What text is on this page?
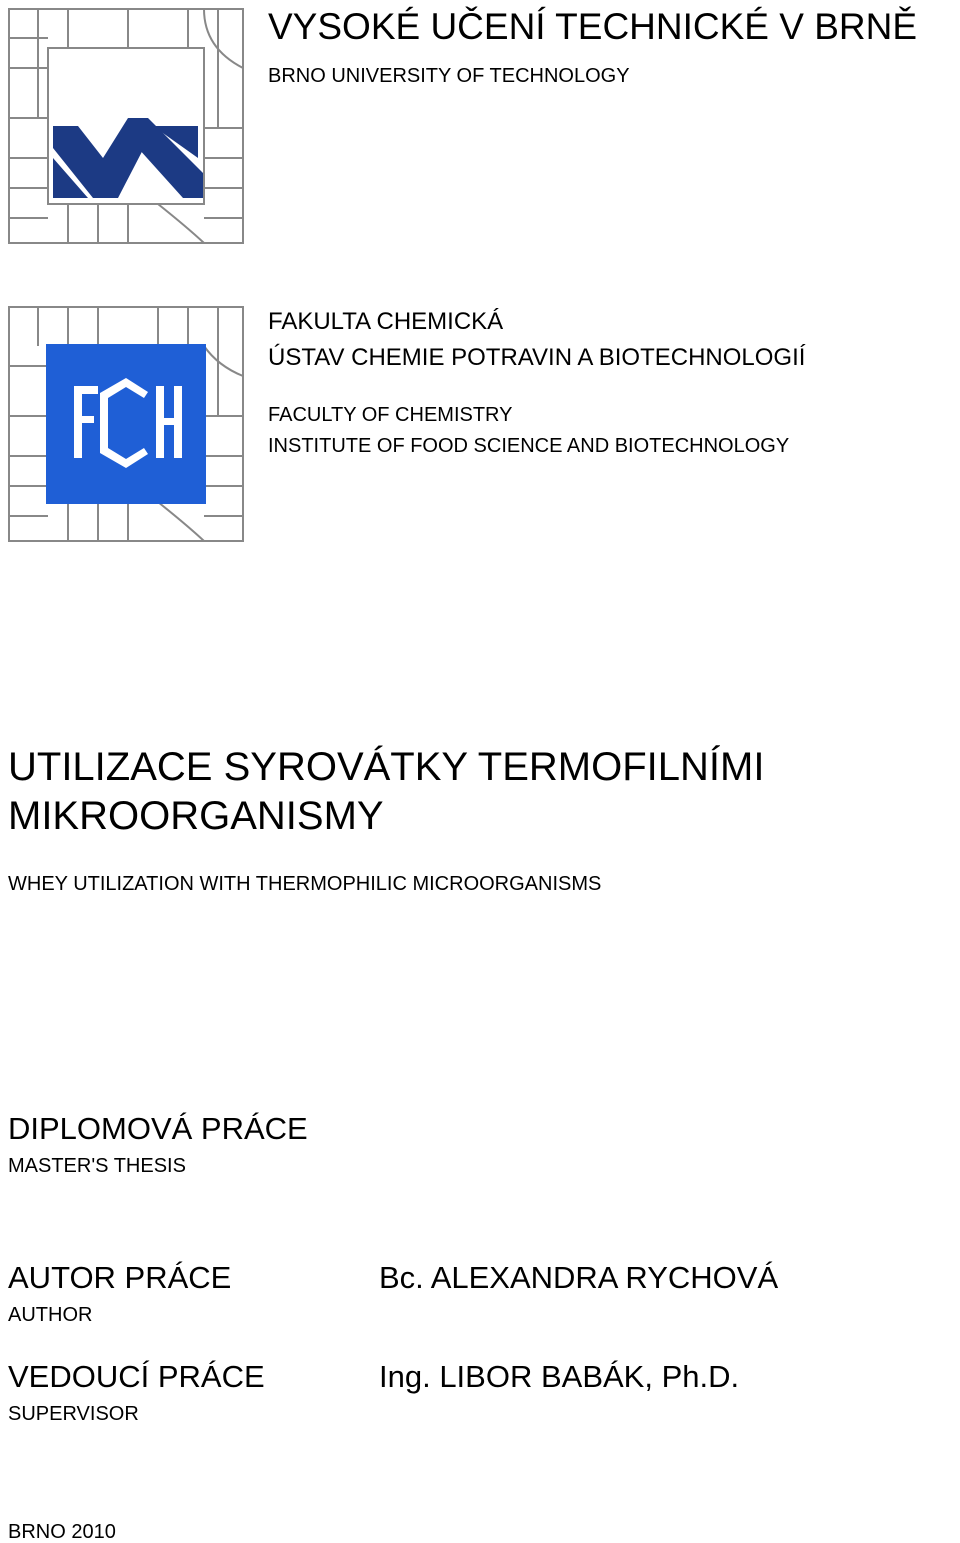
VYSOKÉ UČENÍ TECHNICKÉ V BRNĚ
BRNO UNIVERSITY OF TECHNOLOGY
FAKULTA CHEMICKÁ
ÚSTAV CHEMIE POTRAVIN A BIOTECHNOLOGIÍ
FACULTY OF CHEMISTRY
INSTITUTE OF FOOD SCIENCE AND BIOTECHNOLOGY
UTILIZACE SYROVÁTKY TERMOFILNÍMI MIKROORGANISMY
WHEY UTILIZATION WITH THERMOPHILIC MICROORGANISMS
DIPLOMOVÁ PRÁCE
MASTER'S THESIS
AUTOR PRÁCE
AUTHOR
Bc. ALEXANDRA RYCHOVÁ
VEDOUCÍ PRÁCE
SUPERVISOR
Ing. LIBOR BABÁK, Ph.D.
BRNO 2010
